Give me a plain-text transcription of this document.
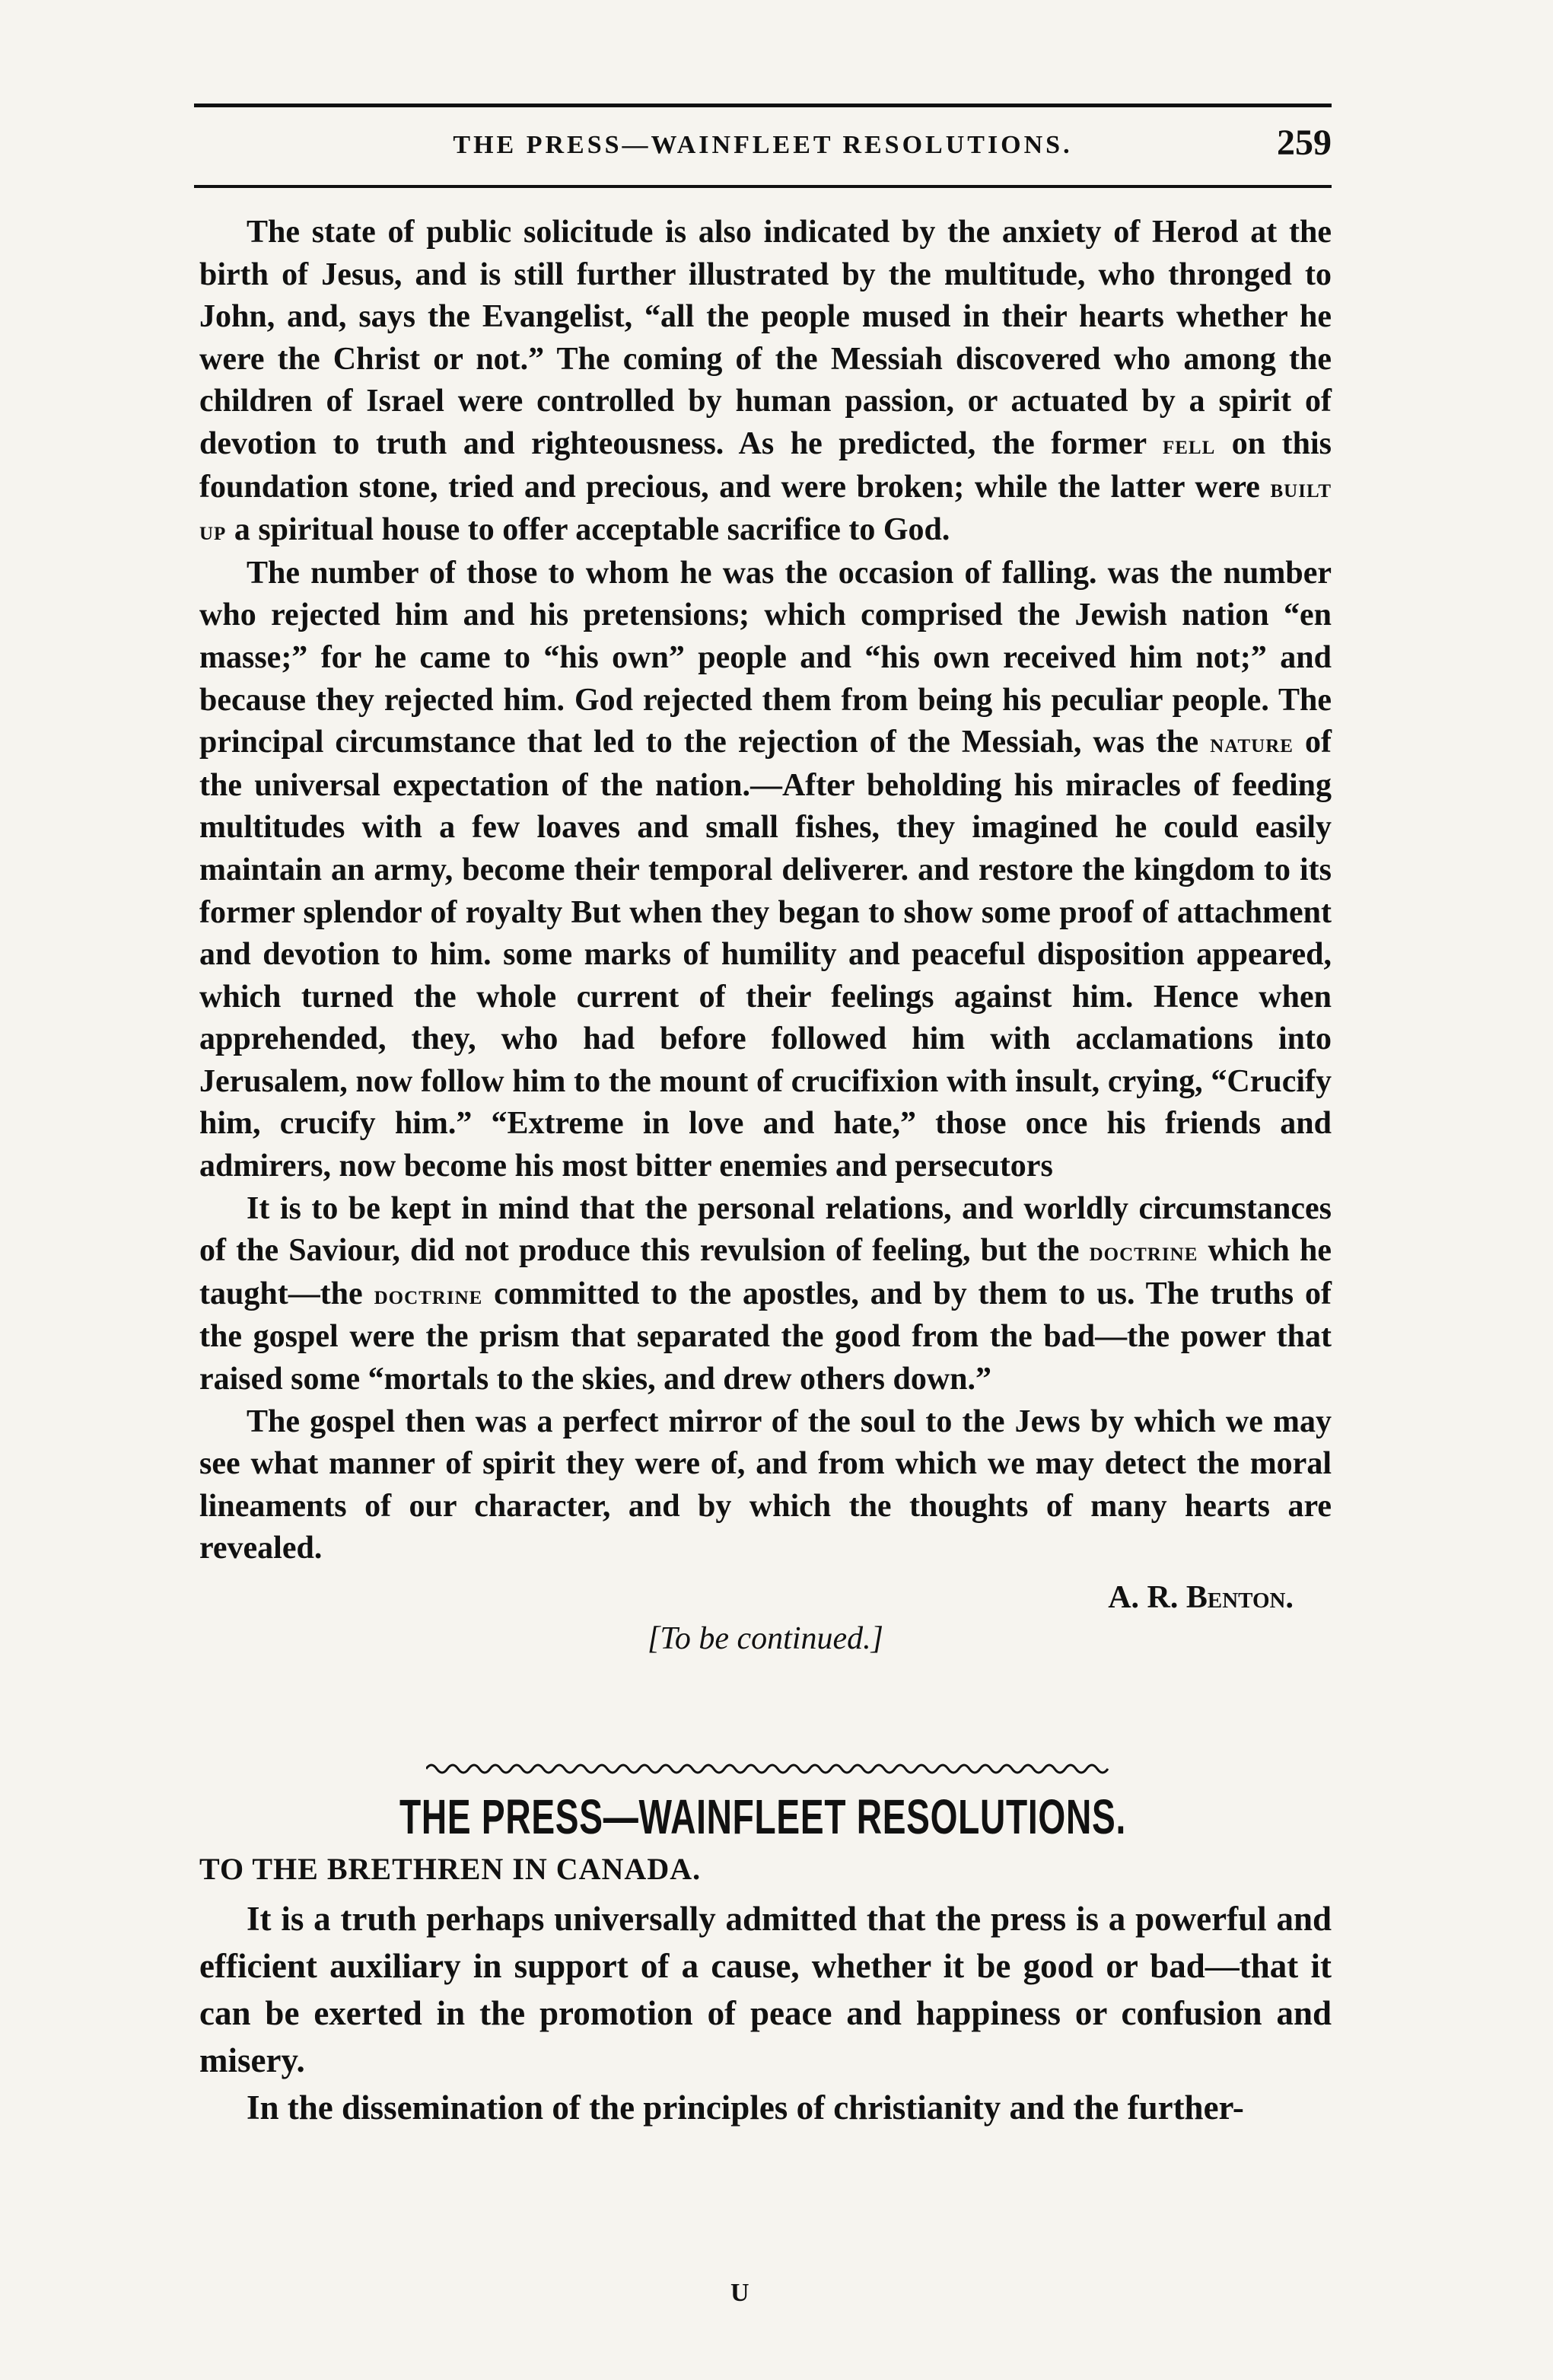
THE PRESS—WAINFLEET RESOLUTIONS.	259

The state of public solicitude is also indicated by the anxiety of Herod at the birth of Jesus, and is still further illustrated by the multitude, who thronged to John, and, says the Evangelist, “all the people mused in their hearts whether he were the Christ or not.” The coming of the Messiah discovered who among the children of Israel were controlled by human passion, or actuated by a spirit of devotion to truth and righteousness. As he predicted, the former fell on this foundation stone, tried and precious, and were broken; while the latter were built up a spiritual house to offer acceptable sacrifice to God.

The number of those to whom he was the occasion of falling. was the number who rejected him and his pretensions; which comprised the Jewish nation “en masse;” for he came to “his own” people and “his own received him not;” and because they rejected him. God rejected them from being his peculiar people. The principal circumstance that led to the rejection of the Messiah, was the nature of the universal expectation of the nation.—After beholding his miracles of feeding multitudes with a few loaves and small fishes, they imagined he could easily maintain an army, become their temporal deliverer. and restore the kingdom to its former splendor of royalty But when they began to show some proof of attachment and devotion to him. some marks of humility and peaceful disposition appeared, which turned the whole current of their feelings against him. Hence when apprehended, they, who had before followed him with acclamations into Jerusalem, now follow him to the mount of crucifixion with insult, crying, “Crucify him, crucify him.” “Extreme in love and hate,” those once his friends and admirers, now become his most bitter enemies and persecutors

It is to be kept in mind that the personal relations, and worldly circumstances of the Saviour, did not produce this revulsion of feeling, but the doctrine which he taught—the doctrine committed to the apostles, and by them to us. The truths of the gospel were the prism that separated the good from the bad—the power that raised some “mortals to the skies, and drew others down.”

The gospel then was a perfect mirror of the soul to the Jews by which we may see what manner of spirit they were of, and from which we may detect the moral lineaments of our character, and by which the thoughts of many hearts are revealed.

A. R. Benton.
[To be continued.]
THE PRESS—WAINFLEET RESOLUTIONS.
TO THE BRETHREN IN CANADA.

It is a truth perhaps universally admitted that the press is a powerful and efficient auxiliary in support of a cause, whether it be good or bad—that it can be exerted in the promotion of peace and happiness or confusion and misery.

In the dissemination of the principles of christianity and the further-

U
